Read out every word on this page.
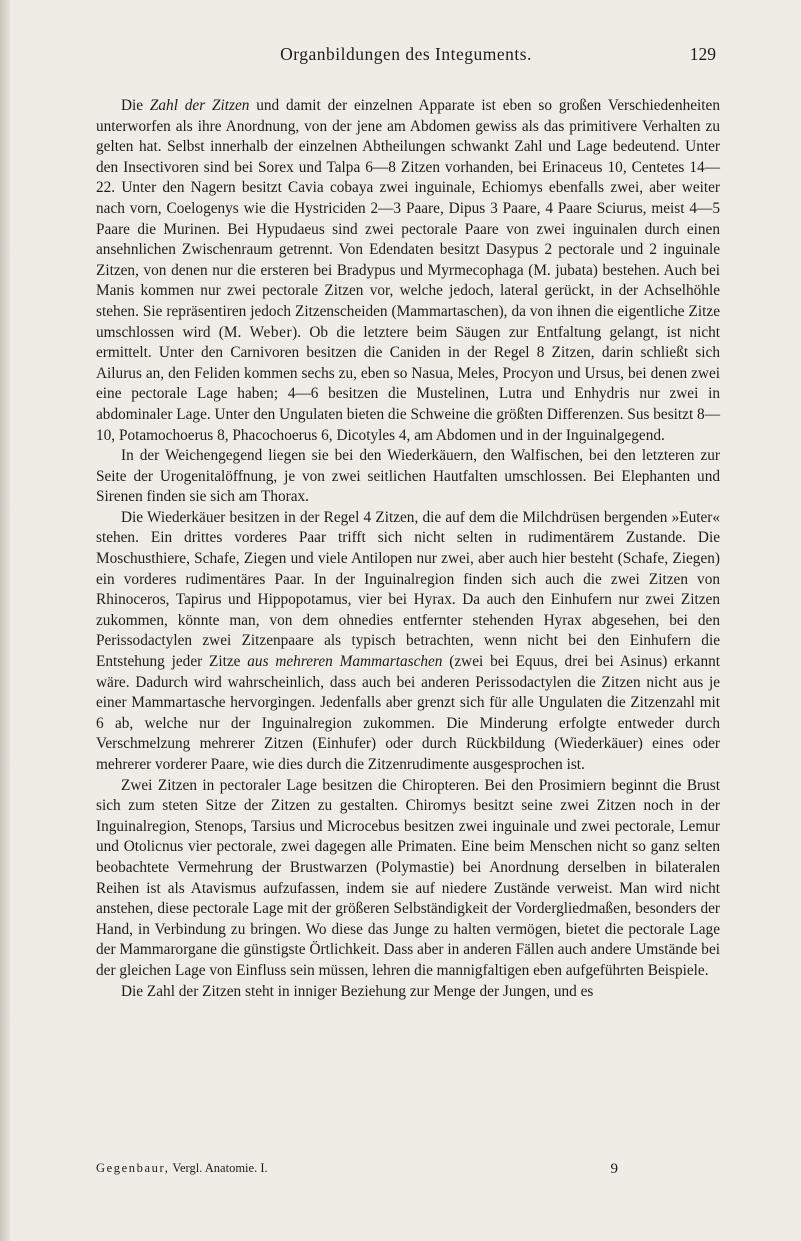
Organbildungen des Integuments.	129

Die Zahl der Zitzen und damit der einzelnen Apparate ist eben so großen Verschiedenheiten unterworfen als ihre Anordnung, von der jene am Abdomen gewiss als das primitivere Verhalten zu gelten hat. Selbst innerhalb der einzelnen Abtheilungen schwankt Zahl und Lage bedeutend. Unter den Insectivoren sind bei Sorex und Talpa 6—8 Zitzen vorhanden, bei Erinaceus 10, Centetes 14—22. Unter den Nagern besitzt Cavia cobaya zwei inguinale, Echiomys ebenfalls zwei, aber weiter nach vorn, Coelogenys wie die Hystriciden 2—3 Paare, Dipus 3 Paare, 4 Paare Sciurus, meist 4—5 Paare die Murinen. Bei Hypudaeus sind zwei pectorale Paare von zwei inguinalen durch einen ansehnlichen Zwischenraum getrennt. Von Edendaten besitzt Dasypus 2 pectorale und 2 inguinale Zitzen, von denen nur die ersteren bei Bradypus und Myrmecophaga (M. jubata) bestehen. Auch bei Manis kommen nur zwei pectorale Zitzen vor, welche jedoch, lateral gerückt, in der Achselhöhle stehen. Sie repräsentiren jedoch Zitzenscheiden (Mammartaschen), da von ihnen die eigentliche Zitze umschlossen wird (M. Weber). Ob die letztere beim Säugen zur Entfaltung gelangt, ist nicht ermittelt. Unter den Carnivoren besitzen die Caniden in der Regel 8 Zitzen, darin schließt sich Ailurus an, den Feliden kommen sechs zu, eben so Nasua, Meles, Procyon und Ursus, bei denen zwei eine pectorale Lage haben; 4—6 besitzen die Mustelinen, Lutra und Enhydris nur zwei in abdominaler Lage. Unter den Ungulaten bieten die Schweine die größten Differenzen. Sus besitzt 8—10, Potamochoerus 8, Phacochoerus 6, Dicotyles 4, am Abdomen und in der Inguinalgegend.

In der Weichengegend liegen sie bei den Wiederkäuern, den Walfischen, bei den letzteren zur Seite der Urogenitalöffnung, je von zwei seitlichen Hautfalten umschlossen. Bei Elephanten und Sirenen finden sie sich am Thorax.

Die Wiederkäuer besitzen in der Regel 4 Zitzen, die auf dem die Milchdrüsen bergenden »Euter« stehen. Ein drittes vorderes Paar trifft sich nicht selten in rudimentärem Zustande. Die Moschusthiere, Schafe, Ziegen und viele Antilopen nur zwei, aber auch hier besteht (Schafe, Ziegen) ein vorderes rudimentäres Paar. In der Inguinalregion finden sich auch die zwei Zitzen von Rhinoceros, Tapirus und Hippopotamus, vier bei Hyrax. Da auch den Einhufern nur zwei Zitzen zukommen, könnte man, von dem ohnedies entfernter stehenden Hyrax abgesehen, bei den Perissodactylen zwei Zitzenpaare als typisch betrachten, wenn nicht bei den Einhufern die Entstehung jeder Zitze aus mehreren Mammartaschen (zwei bei Equus, drei bei Asinus) erkannt wäre. Dadurch wird wahrscheinlich, dass auch bei anderen Perissodactylen die Zitzen nicht aus je einer Mammartasche hervorgingen. Jedenfalls aber grenzt sich für alle Ungulaten die Zitzenzahl mit 6 ab, welche nur der Inguinalregion zukommen. Die Minderung erfolgte entweder durch Verschmelzung mehrerer Zitzen (Einhufer) oder durch Rückbildung (Wiederkäuer) eines oder mehrerer vorderer Paare, wie dies durch die Zitzenrudimente ausgesprochen ist.

Zwei Zitzen in pectoraler Lage besitzen die Chiropteren. Bei den Prosimiern beginnt die Brust sich zum steten Sitze der Zitzen zu gestalten. Chiromys besitzt seine zwei Zitzen noch in der Inguinalregion, Stenops, Tarsius und Microcebus besitzen zwei inguinale und zwei pectorale, Lemur und Otolicnus vier pectorale, zwei dagegen alle Primaten. Eine beim Menschen nicht so ganz selten beobachtete Vermehrung der Brustwarzen (Polymastie) bei Anordnung derselben in bilateralen Reihen ist als Atavismus aufzufassen, indem sie auf niedere Zustände verweist. Man wird nicht anstehen, diese pectorale Lage mit der größeren Selbständigkeit der Vordergliedmaßen, besonders der Hand, in Verbindung zu bringen. Wo diese das Junge zu halten vermögen, bietet die pectorale Lage der Mammarorgane die günstigste Örtlichkeit. Dass aber in anderen Fällen auch andere Umstände bei der gleichen Lage von Einfluss sein müssen, lehren die mannigfaltigen eben aufgeführten Beispiele.

Die Zahl der Zitzen steht in inniger Beziehung zur Menge der Jungen, und es

Gegenbaur, Vergl. Anatomie. I.	9
